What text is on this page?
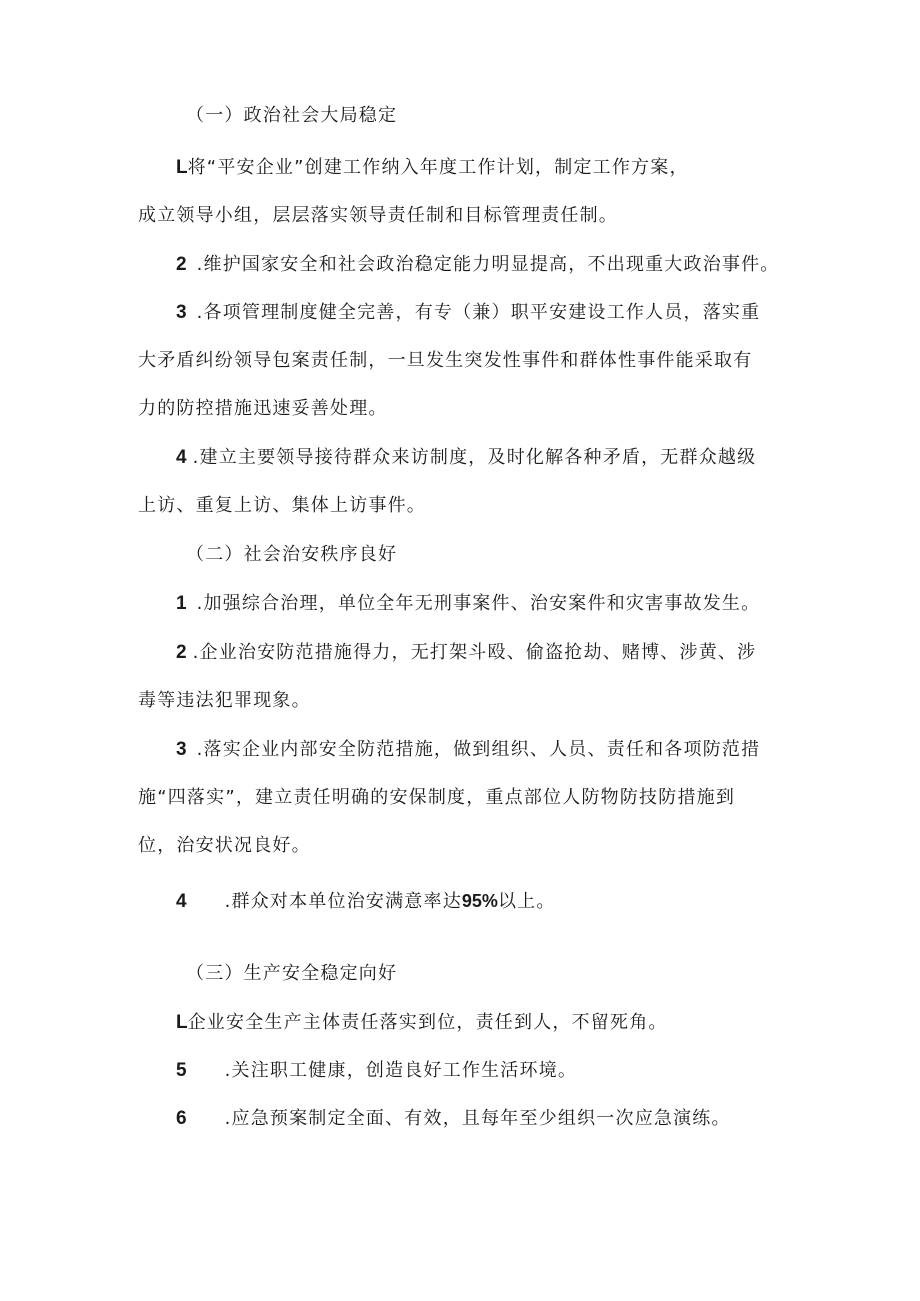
（一）政治社会大局稳定

L将“平安企业”创建工作纳入年度工作计划，制定工作方案，

成立领导小组，层层落实领导责任制和目标管理责任制。

2 .维护国家安全和社会政治稳定能力明显提高，不出现重大政治事件。

3 .各项管理制度健全完善，有专（兼）职平安建设工作人员，落实重

大矛盾纠纷领导包案责任制，一旦发生突发性事件和群体性事件能采取有

力的防控措施迅速妥善处理。

4 .建立主要领导接待群众来访制度，及时化解各种矛盾，无群众越级

上访、重复上访、集体上访事件。

（二）社会治安秩序良好

1 .加强综合治理，单位全年无刑事案件、治安案件和灾害事故发生。

2 .企业治安防范措施得力，无打架斗殴、偷盗抢劫、赌博、涉黄、涉

毒等违法犯罪现象。

3 .落实企业内部安全防范措施，做到组织、人员、责任和各项防范措

施“四落实”，建立责任明确的安保制度，重点部位人防物防技防措施到

位，治安状况良好。

4 .群众对本单位治安满意率达95%以上。

（三）生产安全稳定向好

L企业安全生产主体责任落实到位，责任到人，不留死角。

5 .关注职工健康，创造良好工作生活环境。

6 .应急预案制定全面、有效，且每年至少组织一次应急演练。
